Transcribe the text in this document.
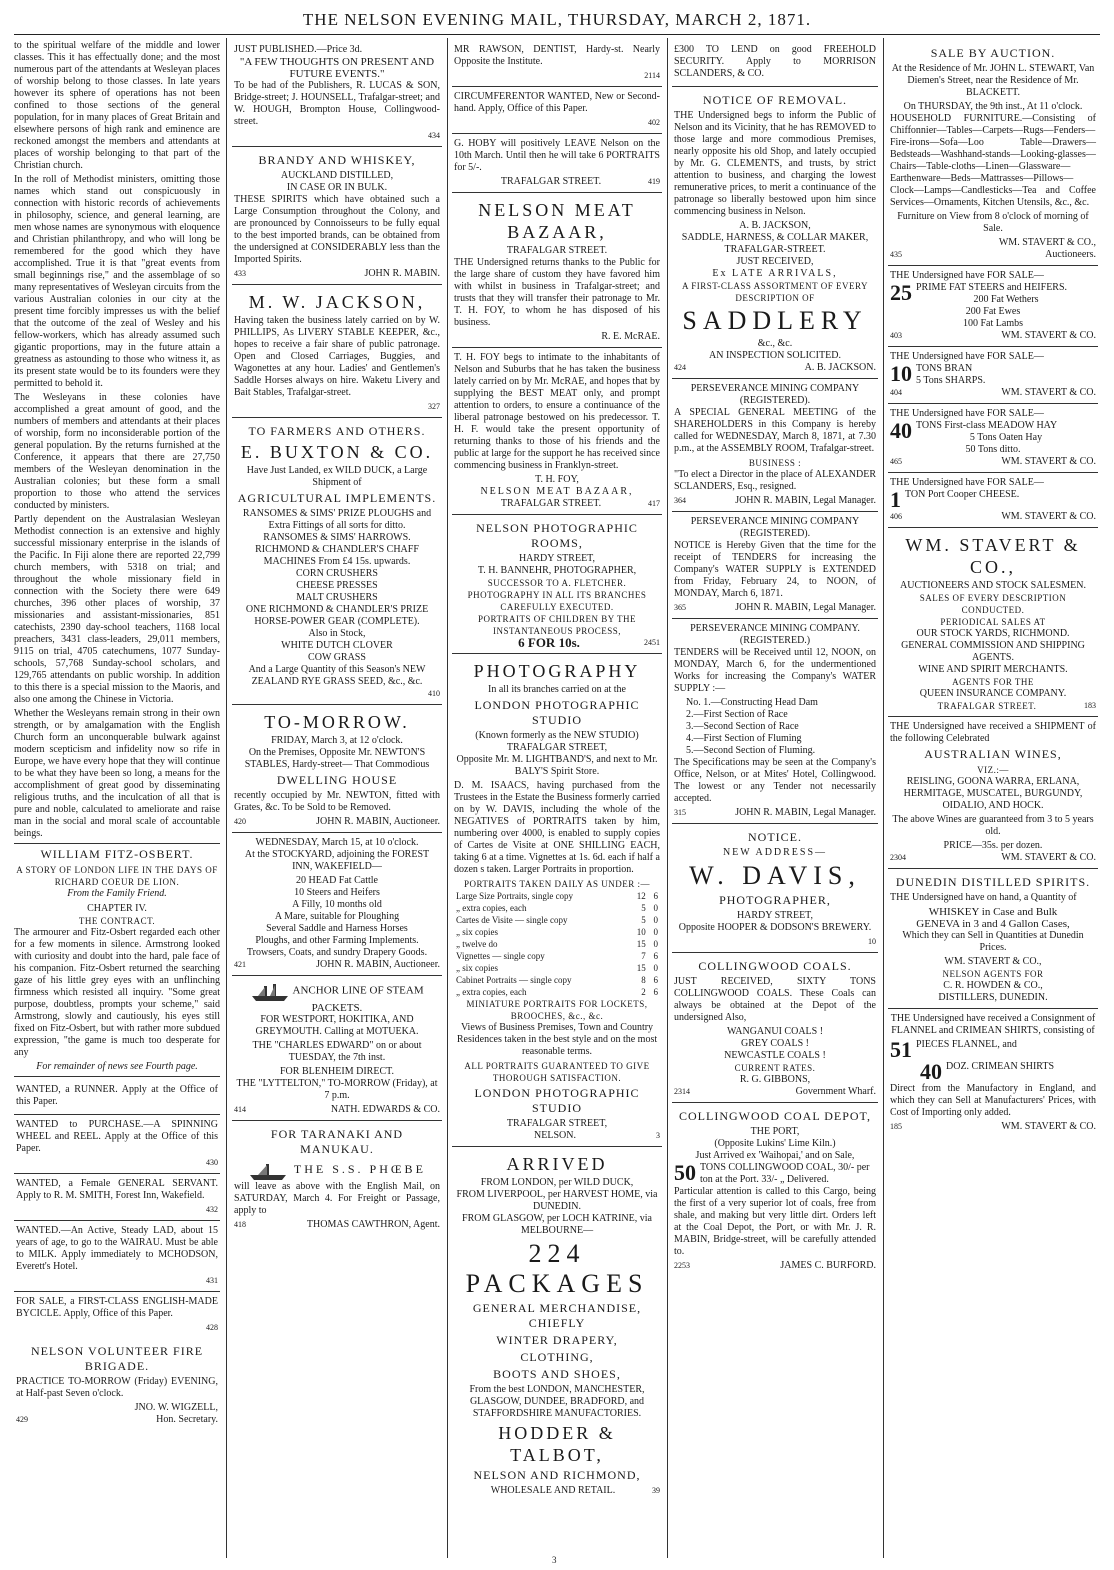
THE NELSON EVENING MAIL, THURSDAY, MARCH 2, 1871.
to the spiritual welfare of the middle and lower classes. This it has effectually done; and the most numerous part of the attendants at Wesleyan places of worship belong to those classes. In late years however its sphere of operations has not been confined to those sections of the general population, for in many places of Great Britain and elsewhere persons of high rank and eminence are reckoned amongst the members and attendants at places of worship belonging to that part of the Christian church.
In the roll of Methodist ministers, omitting those names which stand out conspicuously in connection with historic records of achievements in philosophy, science, and general learning, are men whose names are synonymous with eloquence and Christian philanthropy, and who will long be remembered for the good which they have accomplished. True it is that "great events from small beginnings rise," and the assemblage of so many representatives of Wesleyan circuits from the various Australian colonies in our city at the present time forcibly impresses us with the belief that the outcome of the zeal of Wesley and his fellow-workers, which has already assumed such gigantic proportions, may in the future attain a greatness as astounding to those who witness it, as its present state would be to its founders were they permitted to behold it.
The Wesleyans in these colonies have accomplished a great amount of good, and the numbers of members and attendants at their places of worship, form no inconsiderable portion of the general population. By the returns furnished at the Conference, it appears that there are 27,750 members of the Wesleyan denomination in the Australian colonies; but these form a small proportion to those who attend the services conducted by ministers.
Partly dependent on the Australasian Wesleyan Methodist connection is an extensive and highly successful missionary enterprise in the islands of the Pacific. In Fiji alone there are reported 22,799 church members, with 5318 on trial; and throughout the whole missionary field in connection with the Society there were 649 churches, 396 other places of worship, 37 missionaries and assistant-missionaries, 851 catechists, 2390 day-school teachers, 1168 local preachers, 3431 class-leaders, 29,011 members, 9115 on trial, 4705 catechumens, 1077 Sunday-schools, 57,768 Sunday-school scholars, and 129,765 attendants on public worship. In addition to this there is a special mission to the Maoris, and also one among the Chinese in Victoria.
Whether the Wesleyans remain strong in their own strength, or by amalgamation with the English Church form an unconquerable bulwark against modern scepticism and infidelity now so rife in Europe, we have every hope that they will continue to be what they have been so long, a means for the accomplishment of great good by disseminating religious truths, and the inculcation of all that is pure and noble, calculated to ameliorate and raise man in the social and moral scale of accountable beings.
WILLIAM FITZ-OSBERT.
A STORY OF LONDON LIFE IN THE DAYS OF RICHARD COEUR DE LION.
From the Family Friend.
CHAPTER IV.
THE CONTRACT.
The armourer and Fitz-Osbert regarded each other for a few moments in silence. Armstrong looked with curiosity and doubt into the hard, pale face of his companion. Fitz-Osbert returned the searching gaze of his little grey eyes with an unflinching firmness which resisted all inquiry. "Some great purpose, doubtless, prompts your scheme," said Armstrong, slowly and cautiously, his eyes still fixed on Fitz-Osbert, but with rather more subdued expression, "the game is much too desperate for any
For remainder of news see Fourth page.
WANTED, a RUNNER. Apply at the Office of this Paper.
WANTED to PURCHASE.—A SPINNING WHEEL and REEL. Apply at the Office of this Paper.
430
WANTED, a Female GENERAL SERVANT. Apply to R. M. SMITH, Forest Inn, Wakefield.
432
WANTED.—An Active, Steady LAD, about 15 years of age, to go to the WAIRAU. Must be able to MILK. Apply immediately to MCHODSON, Everett's Hotel.
431
FOR SALE, a FIRST-CLASS ENGLISH-MADE BYCICLE. Apply, Office of this Paper.
428
NELSON VOLUNTEER FIRE BRIGADE.
PRACTICE TO-MORROW (Friday) EVENING, at Half-past Seven o'clock.
JNO. W. WIGZELL,
429	Hon. Secretary.
JUST PUBLISHED.—Price 3d.
"A FEW THOUGHTS ON PRESENT AND FUTURE EVENTS."
To be had of the Publishers, R. LUCAS & SON, Bridge-street; J. HOUNSELL, Trafalgar-street; and W. HOUGH, Brompton House, Collingwood-street.
434
BRANDY AND WHISKEY,
AUCKLAND DISTILLED,
IN CASE OR IN BULK.
THESE SPIRITS which have obtained such a Large Consumption throughout the Colony, and are pronounced by Connoisseurs to be fully equal to the best imported brands, can be obtained from the undersigned at CONSIDERABLY less than the Imported Spirits.
433	JOHN R. MABIN.
M. W. JACKSON,
Having taken the business lately carried on by W. PHILLIPS, As LIVERY STABLE KEEPER, &c., hopes to receive a fair share of public patronage. Open and Closed Carriages, Buggies, and Wagonettes at any hour. Ladies' and Gentlemen's Saddle Horses always on hire. Waketu Livery and Bait Stables, Trafalgar-street.
327
TO FARMERS AND OTHERS.
E. BUXTON & CO.
Have Just Landed, ex WILD DUCK, a Large Shipment of
AGRICULTURAL IMPLEMENTS.
RANSOMES & SIMS' PRIZE PLOUGHS and Extra Fittings of all sorts for ditto.
RANSOMES & SIMS' HARROWS.
RICHMOND & CHANDLER'S CHAFF MACHINES From £4 15s. upwards.
CORN CRUSHERS
CHEESE PRESSES
MALT CRUSHERS
ONE RICHMOND & CHANDLER'S PRIZE HORSE-POWER GEAR (COMPLETE).
Also in Stock,
WHITE DUTCH CLOVER
COW GRASS
And a Large Quantity of this Season's NEW ZEALAND RYE GRASS SEED, &c., &c.
410
TO-MORROW.
FRIDAY, March 3, at 12 o'clock.
On the Premises, Opposite Mr. NEWTON'S STABLES, Hardy-street— That Commodious
DWELLING HOUSE
recently occupied by Mr. NEWTON, fitted with Grates, &c. To be Sold to be Removed.
420	JOHN R. MABIN, Auctioneer.
WEDNESDAY, March 15, at 10 o'clock.
At the STOCKYARD, adjoining the FOREST INN, WAKEFIELD—
20 HEAD Fat Cattle
10 Steers and Heifers
A Filly, 10 months old
A Mare, suitable for Ploughing
Several Saddle and Harness Horses
Ploughs, and other Farming Implements.
Trowsers, Coats, and sundry Drapery Goods.
421	JOHN R. MABIN, Auctioneer.
ANCHOR LINE OF STEAM PACKETS.
FOR WESTPORT, HOKITIKA, AND GREYMOUTH. Calling at MOTUEKA.
THE "CHARLES EDWARD" on or about TUESDAY, the 7th inst.
FOR BLENHEIM DIRECT.
THE "LYTTELTON," TO-MORROW (Friday), at 7 p.m.
414	NATH. EDWARDS & CO.
FOR TARANAKI AND MANUKAU.
THE S.S. PHŒBE
will leave as above with the English Mail, on SATURDAY, March 4. For Freight or Passage, apply to
418	THOMAS CAWTHRON, Agent.
MR RAWSON, DENTIST, Hardy-st. Nearly Opposite the Institute.
2114
CIRCUMFERENTOR WANTED, New or Second-hand. Apply, Office of this Paper.
402
G. HOBY will positively LEAVE Nelson on the 10th March. Until then he will take 6 PORTRAITS for 5/-.
TRAFALGAR STREET.	419
NELSON MEAT BAZAAR,
TRAFALGAR STREET.
THE Undersigned returns thanks to the Public for the large share of custom they have favored him with whilst in business in Trafalgar-street; and trusts that they will transfer their patronage to Mr. T. H. FOY, to whom he has disposed of his business.
R. E. McRAE.
T. H. FOY begs to intimate to the inhabitants of Nelson and Suburbs that he has taken the business lately carried on by Mr. McRAE, and hopes that by supplying the BEST MEAT only, and prompt attention to orders, to ensure a continuance of the liberal patronage bestowed on his predecessor. T. H. F. would take the present opportunity of returning thanks to those of his friends and the public at large for the support he has received since commencing business in Franklyn-street.
T. H. FOY,
NELSON MEAT BAZAAR,
TRAFALGAR STREET.	417
NELSON PHOTOGRAPHIC ROOMS,
HARDY STREET,
T. H. BANNEHR, PHOTOGRAPHER,
SUCCESSOR TO A. FLETCHER.
PHOTOGRAPHY IN ALL ITS BRANCHES CAREFULLY EXECUTED.
PORTRAITS OF CHILDREN BY THE INSTANTANEOUS PROCESS,
6 FOR 10s.	2451
PHOTOGRAPHY
In all its branches carried on at the
LONDON PHOTOGRAPHIC STUDIO
(Known formerly as the NEW STUDIO)
TRAFALGAR STREET,
Opposite Mr. M. LIGHTBAND'S, and next to Mr. BALY'S Spirit Store.
D. M. ISAACS, having purchased from the Trustees in the Estate the Business formerly carried on by W. DAVIS, including the whole of the NEGATIVES of PORTRAITS taken by him, numbering over 4000, is enabled to supply copies of Cartes de Visite at ONE SHILLING EACH, taking 6 at a time. Vignettes at 1s. 6d. each if half a dozen s taken. Larger Portraits in proportion.
PORTRAITS TAKEN DAILY AS UNDER :—
Large Size Portraits, single copy	12	6
„ extra copies, each	5	0
Cartes de Visite — single copy	5	0
„ six copies	10	0
„ twelve do	15	0
Vignettes — single copy	7	6
„ six copies	15	0
Cabinet Portraits — single copy	8	6
„ extra copies, each	2	6
MINIATURE PORTRAITS FOR LOCKETS, BROOCHES, &c., &c.
Views of Business Premises, Town and Country Residences taken in the best style and on the most reasonable terms.
ALL PORTRAITS GUARANTEED TO GIVE THOROUGH SATISFACTION.
LONDON PHOTOGRAPHIC STUDIO
TRAFALGAR STREET,
NELSON.	3
ARRIVED
FROM LONDON, per WILD DUCK,
FROM LIVERPOOL, per HARVEST HOME, via DUNEDIN.
FROM GLASGOW, per LOCH KATRINE, via MELBOURNE—
224 PACKAGES
GENERAL MERCHANDISE, CHIEFLY
WINTER DRAPERY,
CLOTHING,
BOOTS AND SHOES,
From the best LONDON, MANCHESTER, GLASGOW, DUNDEE, BRADFORD, and STAFFORDSHIRE MANUFACTORIES.
HODDER & TALBOT,
NELSON AND RICHMOND,
WHOLESALE AND RETAIL.	39
£300 TO LEND on good FREEHOLD SECURITY. Apply to MORRISON SCLANDERS, & CO.
NOTICE OF REMOVAL.
THE Undersigned begs to inform the Public of Nelson and its Vicinity, that he has REMOVED to those large and more commodious Premises, nearly opposite his old Shop, and lately occupied by Mr. G. CLEMENTS, and trusts, by strict attention to business, and charging the lowest remunerative prices, to merit a continuance of the patronage so liberally bestowed upon him since commencing business in Nelson.
A. B. JACKSON,
SADDLE, HARNESS, & COLLAR MAKER,
TRAFALGAR-STREET.
JUST RECEIVED,
Ex LATE ARRIVALS,
A FIRST-CLASS ASSORTMENT OF EVERY DESCRIPTION OF
SADDLERY
&c., &c.
AN INSPECTION SOLICITED.
424	A. B. JACKSON.
PERSEVERANCE MINING COMPANY (REGISTERED).
A SPECIAL GENERAL MEETING of the SHAREHOLDERS in this Company is hereby called for WEDNESDAY, March 8, 1871, at 7.30 p.m., at the ASSEMBLY ROOM, Trafalgar-street.
BUSINESS :
"To elect a Director in the place of ALEXANDER SCLANDERS, Esq., resigned.
364	JOHN R. MABIN, Legal Manager.
PERSEVERANCE MINING COMPANY (REGISTERED).
NOTICE is Hereby Given that the time for the receipt of TENDERS for increasing the Company's WATER SUPPLY is EXTENDED from Friday, February 24, to NOON, of MONDAY, March 6, 1871.
365	JOHN R. MABIN, Legal Manager.
PERSEVERANCE MINING COMPANY. (REGISTERED.)
TENDERS will be Received until 12, NOON, on MONDAY, March 6, for the undermentioned Works for increasing the Company's WATER SUPPLY :—
No. 1.—Constructing Head Dam
2.—First Section of Race
3.—Second Section of Race
4.—First Section of Fluming
5.—Second Section of Fluming.
The Specifications may be seen at the Company's Office, Nelson, or at Mites' Hotel, Collingwood. The lowest or any Tender not necessarily accepted.
315	JOHN R. MABIN, Legal Manager.
NOTICE.
NEW ADDRESS—
W. DAVIS,
PHOTOGRAPHER,
HARDY STREET,
Opposite HOOPER & DODSON'S BREWERY.
10
COLLINGWOOD COALS.
JUST RECEIVED, SIXTY TONS COLLINGWOOD COALS. These Coals can always be obtained at the Depot of the undersigned Also,
WANGANUI COALS !
GREY COALS !
NEWCASTLE COALS !
CURRENT RATES.
R. G. GIBBONS,
2314	Government Wharf.
COLLINGWOOD COAL DEPOT,
THE PORT,
(Opposite Lukins' Lime Kiln.)
Just Arrived ex 'Waihopai,' and on Sale,
50 TONS COLLINGWOOD COAL, 30/- per ton at the Port. 33/- „ Delivered.
Particular attention is called to this Cargo, being the first of a very superior lot of coals, free from shale, and making but very little dirt. Orders left at the Coal Depot, the Port, or with Mr. J. R. MABIN, Bridge-street, will be carefully attended to.
2253	JAMES C. BURFORD.
SALE BY AUCTION.
At the Residence of Mr. JOHN L. STEWART, Van Diemen's Street, near the Residence of Mr. BLACKETT.
On THURSDAY, the 9th inst., At 11 o'clock.
HOUSEHOLD FURNITURE.—Consisting of Chiffonnier—Tables—Carpets—Rugs—Fenders—Fire-irons—Sofa—Loo Table—Drawers—Bedsteads—Washhand-stands—Looking-glasses—Chairs—Table-cloths—Linen—Glassware—Earthenware—Beds—Mattrasses—Pillows—Clock—Lamps—Candlesticks—Tea and Coffee Services—Ornaments, Kitchen Utensils, &c., &c.
Furniture on View from 8 o'clock of morning of Sale.
WM. STAVERT & CO.,
435	Auctioneers.
THE Undersigned have FOR SALE—
25 PRIME FAT STEERS and HEIFERS.
200 Fat Wethers
200 Fat Ewes
100 Fat Lambs
403	WM. STAVERT & CO.
THE Undersigned have FOR SALE—
10 TONS BRAN
5 Tons SHARPS.
404	WM. STAVERT & CO.
THE Undersigned have FOR SALE—
40 TONS First-class MEADOW HAY
5 Tons Oaten Hay
50 Tons ditto.
465	WM. STAVERT & CO.
THE Undersigned have FOR SALE—
1 TON Port Cooper CHEESE.
406	WM. STAVERT & CO.
WM. STAVERT & CO.,
AUCTIONEERS AND STOCK SALESMEN.
SALES OF EVERY DESCRIPTION CONDUCTED.
PERIODICAL SALES AT
OUR STOCK YARDS, RICHMOND.
GENERAL COMMISSION AND SHIPPING AGENTS.
WINE AND SPIRIT MERCHANTS.
AGENTS FOR THE
QUEEN INSURANCE COMPANY.
TRAFALGAR STREET.	183
THE Undersigned have received a SHIPMENT of the following Celebrated
AUSTRALIAN WINES,
VIZ.:—
REISLING, GOONA WARRA, ERLANA, HERMITAGE, MUSCATEL, BURGUNDY, OIDALIO, AND HOCK.
The above Wines are guaranteed from 3 to 5 years old.
PRICE—35s. per dozen.
2304	WM. STAVERT & CO.
DUNEDIN DISTILLED SPIRITS.
THE Undersigned have on hand, a Quantity of
WHISKEY in Case and Bulk
GENEVA in 3 and 4 Gallon Cases,
Which they can Sell in Quantities at Dunedin Prices.
WM. STAVERT & CO.,
NELSON AGENTS FOR
C. R. HOWDEN & CO.,
DISTILLERS, DUNEDIN.
THE Undersigned have received a Consignment of FLANNEL and CRIMEAN SHIRTS, consisting of
51 PIECES FLANNEL, and
40 DOZ. CRIMEAN SHIRTS
Direct from the Manufactory in England, and which they can Sell at Manufacturers' Prices, with Cost of Importing only added.
185	WM. STAVERT & CO.
3
